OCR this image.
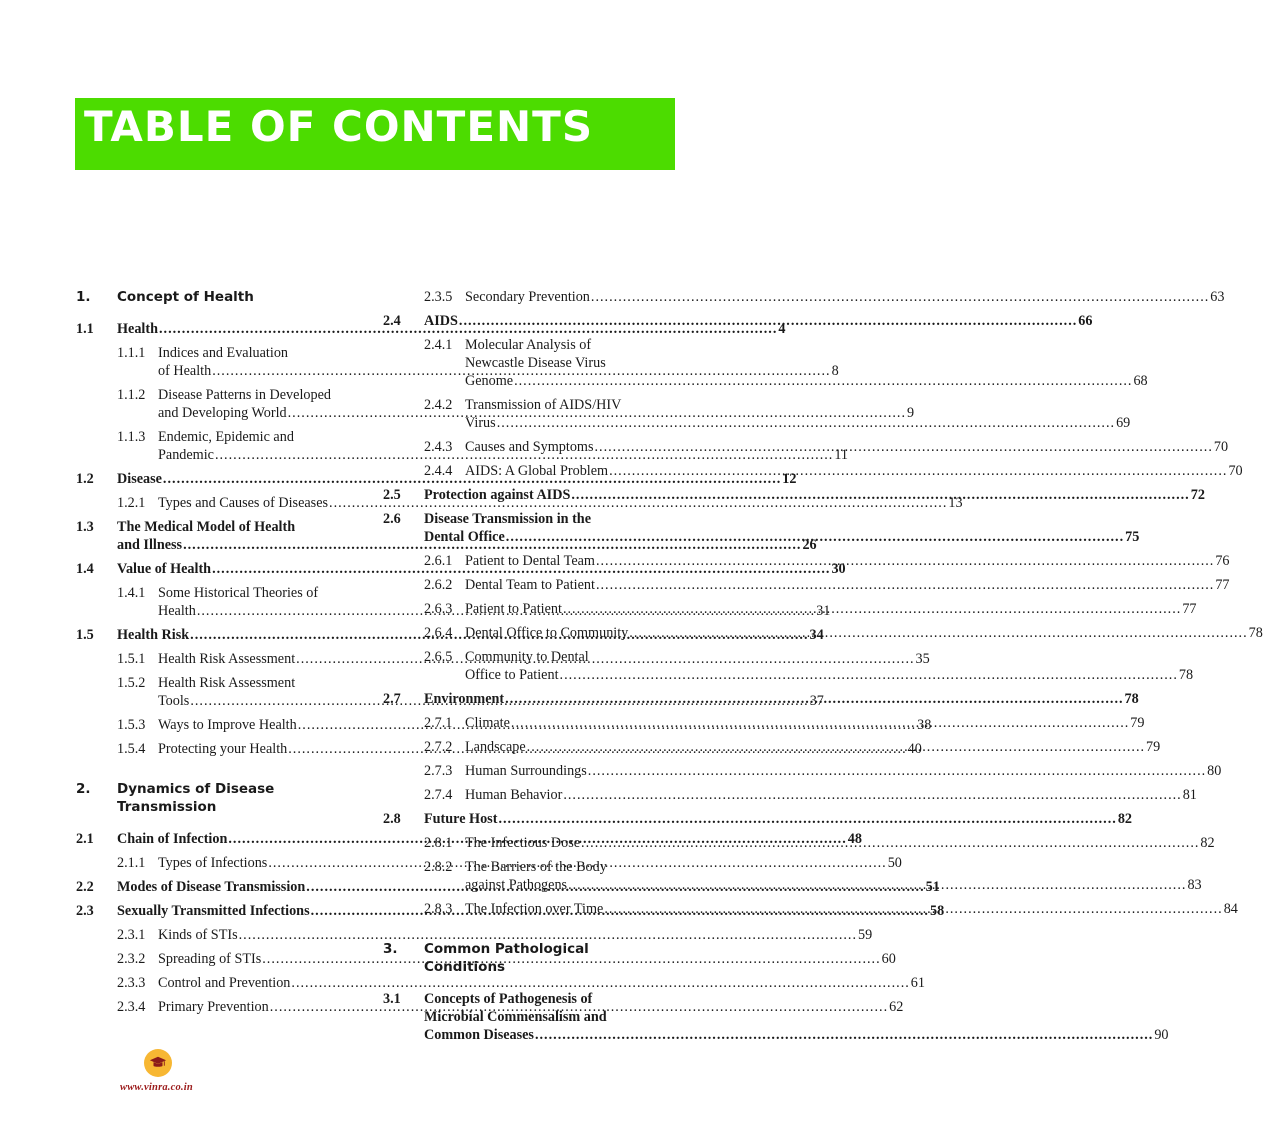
TABLE OF CONTENTS
1.	Concept of Health
1.1	Health .....	4
1.1.1 Indices and Evaluation
of Health .....	8
1.1.2 Disease Patterns in Developed
and Developing World .....	9
1.1.3 Endemic, Epidemic and
Pandemic .....	11
1.2	Disease .....	12
1.2.1 Types and Causes of Diseases .....	13
1.3	The Medical Model of Health
and Illness .....	26
1.4	Value of Health .....	30
1.4.1 Some Historical Theories of
Health .....	31
1.5	Health Risk .....	34
1.5.1 Health Risk Assessment .....	35
1.5.2 Health Risk Assessment
Tools .....	37
1.5.3 Ways to Improve Health .....	38
1.5.4 Protecting your Health .....	40
2.	Dynamics of Disease
Transmission
2.1	Chain of Infection .....	48
2.1.1 Types of Infections .....	50
2.2	Modes of Disease Transmission .....	51
2.3	Sexually Transmitted Infections .....	58
2.3.1 Kinds of STIs .....	59
2.3.2 Spreading of STIs .....	60
2.3.3 Control and Prevention .....	61
2.3.4 Primary Prevention .....	62
2.3.5 Secondary Prevention .....	63
2.4	AIDS .....	66
2.4.1 Molecular Analysis of
Newcastle Disease Virus
Genome .....	68
2.4.2 Transmission of AIDS/HIV
Virus .....	69
2.4.3 Causes and Symptoms .....	70
2.4.4 AIDS: A Global Problem .....	70
2.5	Protection against AIDS .....	72
2.6	Disease Transmission in the
Dental Office .....	75
2.6.1 Patient to Dental Team .....	76
2.6.2 Dental Team to Patient .....	77
2.6.3 Patient to Patient .....	77
2.6.4 Dental Office to Community .....	78
2.6.5 Community to Dental
Office to Patient .....	78
2.7	Environment .....	78
2.7.1 Climate .....	79
2.7.2 Landscape .....	79
2.7.3 Human Surroundings .....	80
2.7.4 Human Behavior .....	81
2.8	Future Host .....	82
2.8.1 The Infectious Dose .....	82
2.8.2 The Barriers of the Body
against Pathogens .....	83
2.8.3 The Infection over Time .....	84
3.	Common Pathological Conditions
3.1	Concepts of Pathogenesis of
Microbial Commensalism and
Common Diseases .....	90
www.vinra.co.in
